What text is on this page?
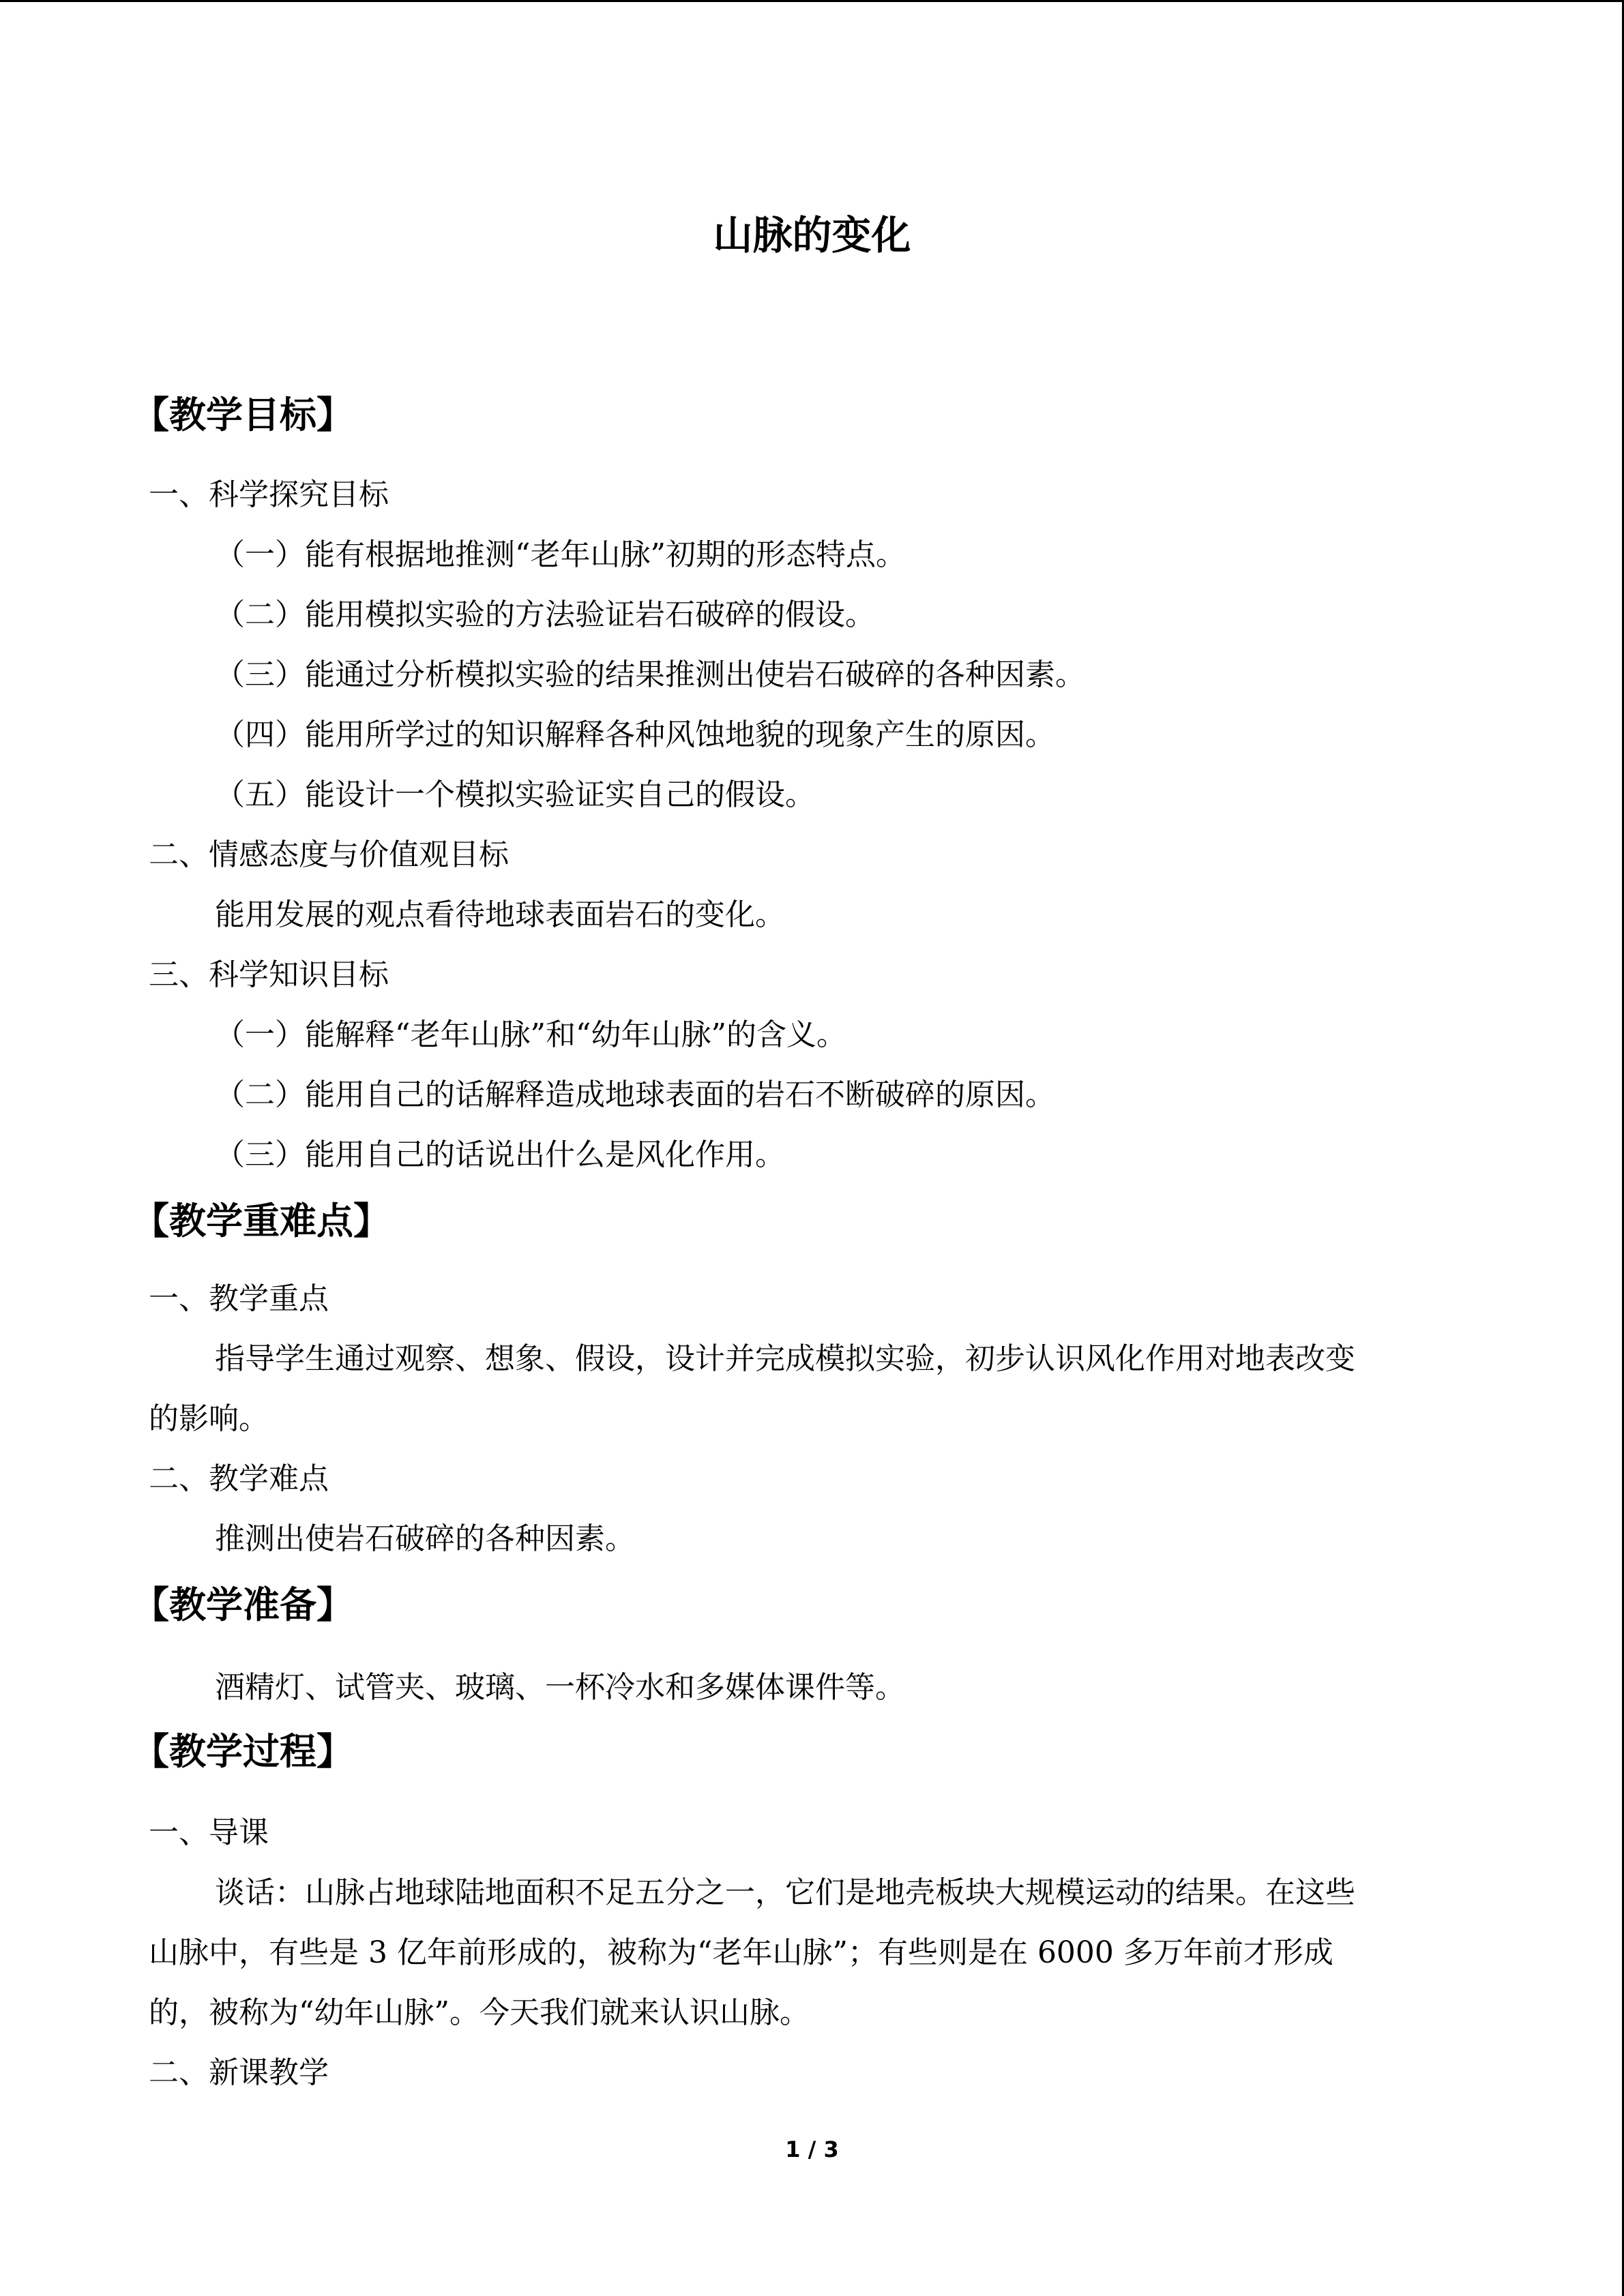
山脉的变化
【教学目标】
一、科学探究目标
（一）能有根据地推测“老年山脉”初期的形态特点。
（二）能用模拟实验的方法验证岩石破碎的假设。
（三）能通过分析模拟实验的结果推测出使岩石破碎的各种因素。
（四）能用所学过的知识解释各种风蚀地貌的现象产生的原因。
（五）能设计一个模拟实验证实自己的假设。
二、情感态度与价值观目标
能用发展的观点看待地球表面岩石的变化。
三、科学知识目标
（一）能解释“老年山脉”和“幼年山脉”的含义。
（二）能用自己的话解释造成地球表面的岩石不断破碎的原因。
（三）能用自己的话说出什么是风化作用。
【教学重难点】
一、教学重点
指导学生通过观察、想象、假设，设计并完成模拟实验，初步认识风化作用对地表改变
的影响。
二、教学难点
推测出使岩石破碎的各种因素。
【教学准备】
酒精灯、试管夹、玻璃、一杯冷水和多媒体课件等。
【教学过程】
一、导课
谈话：山脉占地球陆地面积不足五分之一，它们是地壳板块大规模运动的结果。在这些
山脉中，有些是 3 亿年前形成的，被称为“老年山脉”；有些则是在 6000 多万年前才形成
的，被称为“幼年山脉”。今天我们就来认识山脉。
二、新课教学
1 / 3
